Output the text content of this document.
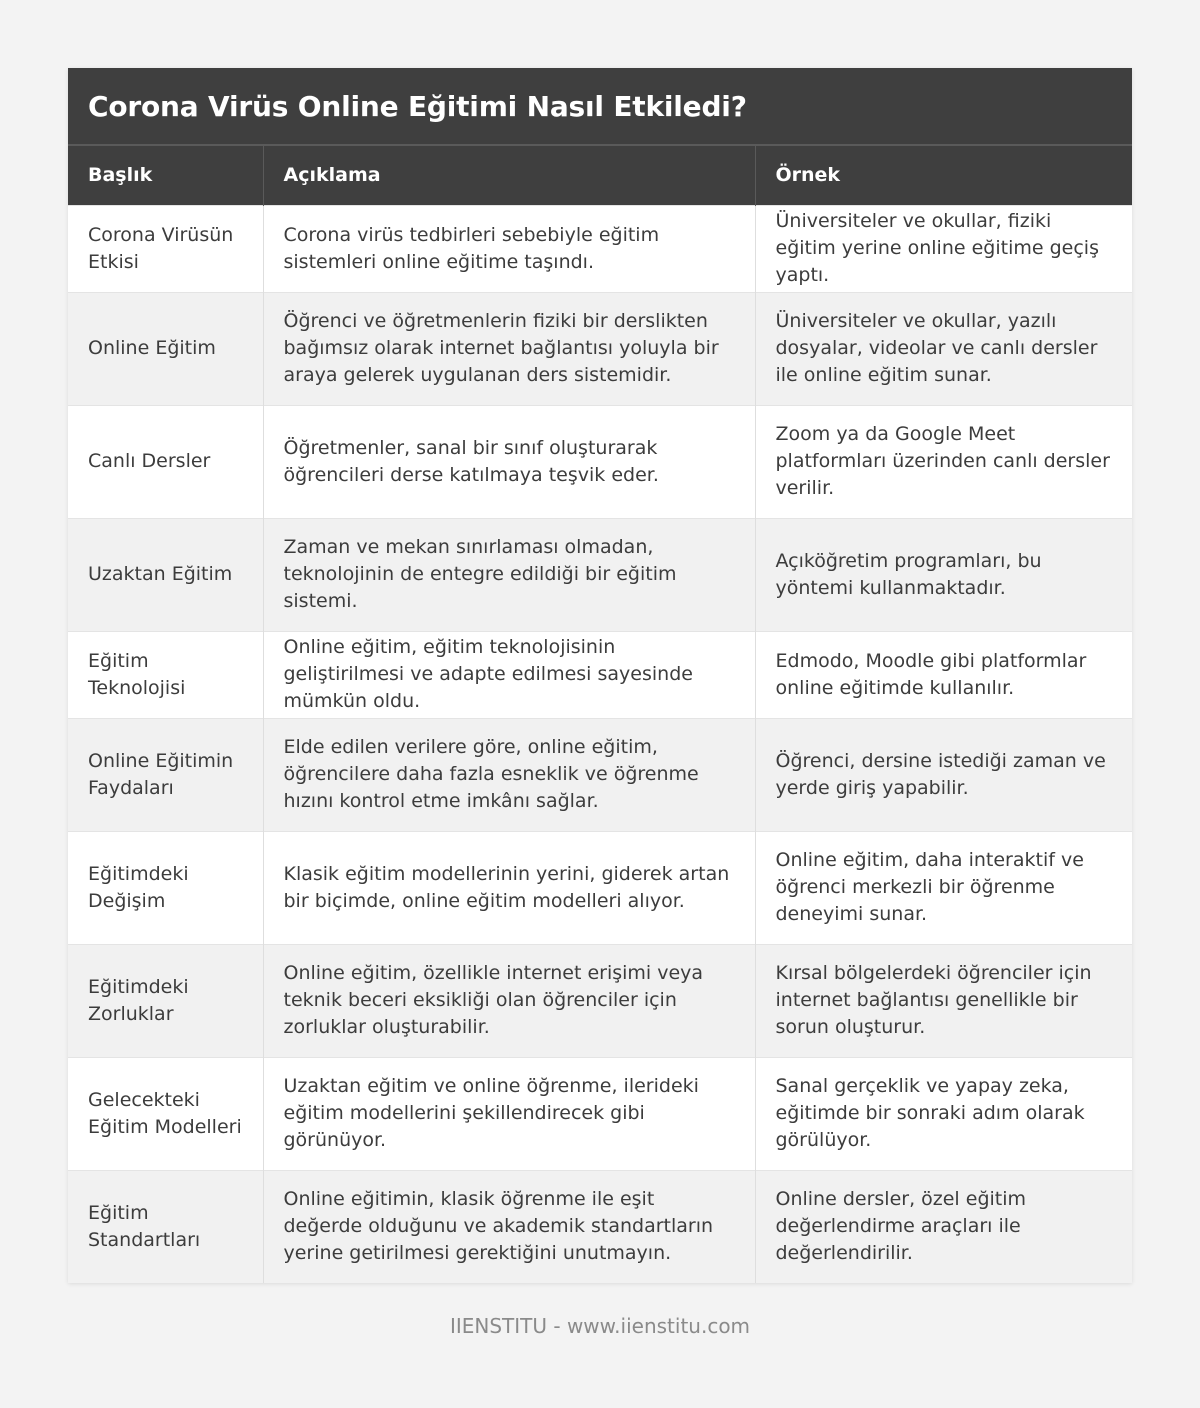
Corona Virüs Online Eğitimi Nasıl Etkiledi?
Başlık	Açıklama	Örnek
Corona Virüsün Etkisi	Corona virüs tedbirleri sebebiyle eğitim sistemleri online eğitime taşındı.	Üniversiteler ve okullar, fiziki eğitim yerine online eğitime geçiş yaptı.
Online Eğitim	Öğrenci ve öğretmenlerin fiziki bir derslikten bağımsız olarak internet bağlantısı yoluyla bir araya gelerek uygulanan ders sistemidir.	Üniversiteler ve okullar, yazılı dosyalar, videolar ve canlı dersler ile online eğitim sunar.
Canlı Dersler	Öğretmenler, sanal bir sınıf oluşturarak öğrencileri derse katılmaya teşvik eder.	Zoom ya da Google Meet platformları üzerinden canlı dersler verilir.
Uzaktan Eğitim	Zaman ve mekan sınırlaması olmadan, teknolojinin de entegre edildiği bir eğitim sistemi.	Açıköğretim programları, bu yöntemi kullanmaktadır.
Eğitim Teknolojisi	Online eğitim, eğitim teknolojisinin geliştirilmesi ve adapte edilmesi sayesinde mümkün oldu.	Edmodo, Moodle gibi platformlar online eğitimde kullanılır.
Online Eğitimin Faydaları	Elde edilen verilere göre, online eğitim, öğrencilere daha fazla esneklik ve öğrenme hızını kontrol etme imkânı sağlar.	Öğrenci, dersine istediği zaman ve yerde giriş yapabilir.
Eğitimdeki Değişim	Klasik eğitim modellerinin yerini, giderek artan bir biçimde, online eğitim modelleri alıyor.	Online eğitim, daha interaktif ve öğrenci merkezli bir öğrenme deneyimi sunar.
Eğitimdeki Zorluklar	Online eğitim, özellikle internet erişimi veya teknik beceri eksikliği olan öğrenciler için zorluklar oluşturabilir.	Kırsal bölgelerdeki öğrenciler için internet bağlantısı genellikle bir sorun oluşturur.
Gelecekteki Eğitim Modelleri	Uzaktan eğitim ve online öğrenme, ilerideki eğitim modellerini şekillendirecek gibi görünüyor.	Sanal gerçeklik ve yapay zeka, eğitimde bir sonraki adım olarak görülüyor.
Eğitim Standartları	Online eğitimin, klasik öğrenme ile eşit değerde olduğunu ve akademik standartların yerine getirilmesi gerektiğini unutmayın.	Online dersler, özel eğitim değerlendirme araçları ile değerlendirilir.
IIENSTITU - www.iienstitu.com
